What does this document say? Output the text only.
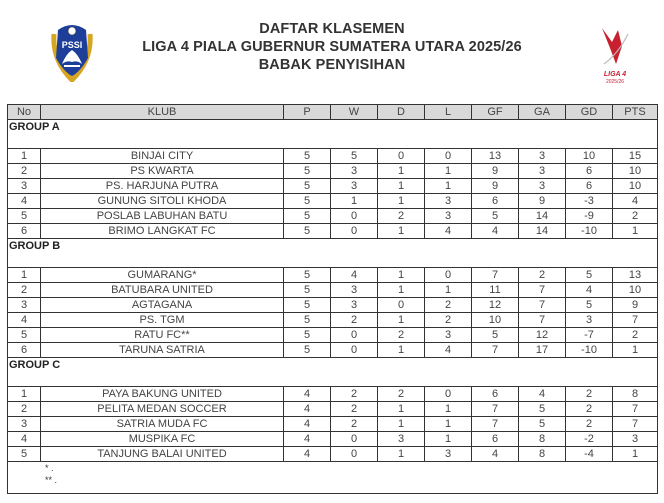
PSSI
DAFTAR KLASEMEN
LIGA 4 PIALA GUBERNUR SUMATERA UTARA 2025/26
BABAK PENYISIHAN
LIGA 4
2025/26
No	KLUB	P	W	D	L	GF	GA	GD	PTS
GROUP A
1	BINJAI CITY	5	5	0	0	13	3	10	15
2	PS KWARTA	5	3	1	1	9	3	6	10
3	PS. HARJUNA PUTRA	5	3	1	1	9	3	6	10
4	GUNUNG SITOLI KHODA	5	1	1	3	6	9	-3	4
5	POSLAB LABUHAN BATU	5	0	2	3	5	14	-9	2
6	BRIMO LANGKAT FC	5	0	1	4	4	14	-10	1
GROUP B
1	GUMARANG*	5	4	1	0	7	2	5	13
2	BATUBARA UNITED	5	3	1	1	11	7	4	10
3	AGTAGANA	5	3	0	2	12	7	5	9
4	PS. TGM	5	2	1	2	10	7	3	7
5	RATU FC**	5	0	2	3	5	12	-7	2
6	TARUNA SATRIA	5	0	1	4	7	17	-10	1
GROUP C
1	PAYA BAKUNG UNITED	4	2	2	0	6	4	2	8
2	PELITA MEDAN SOCCER	4	2	1	1	7	5	2	7
3	SATRIA MUDA FC	4	2	1	1	7	5	2	7
4	MUSPIKA FC	4	0	3	1	6	8	-2	3
5	TANJUNG BALAI UNITED	4	0	1	3	4	8	-4	1
* .
** .
